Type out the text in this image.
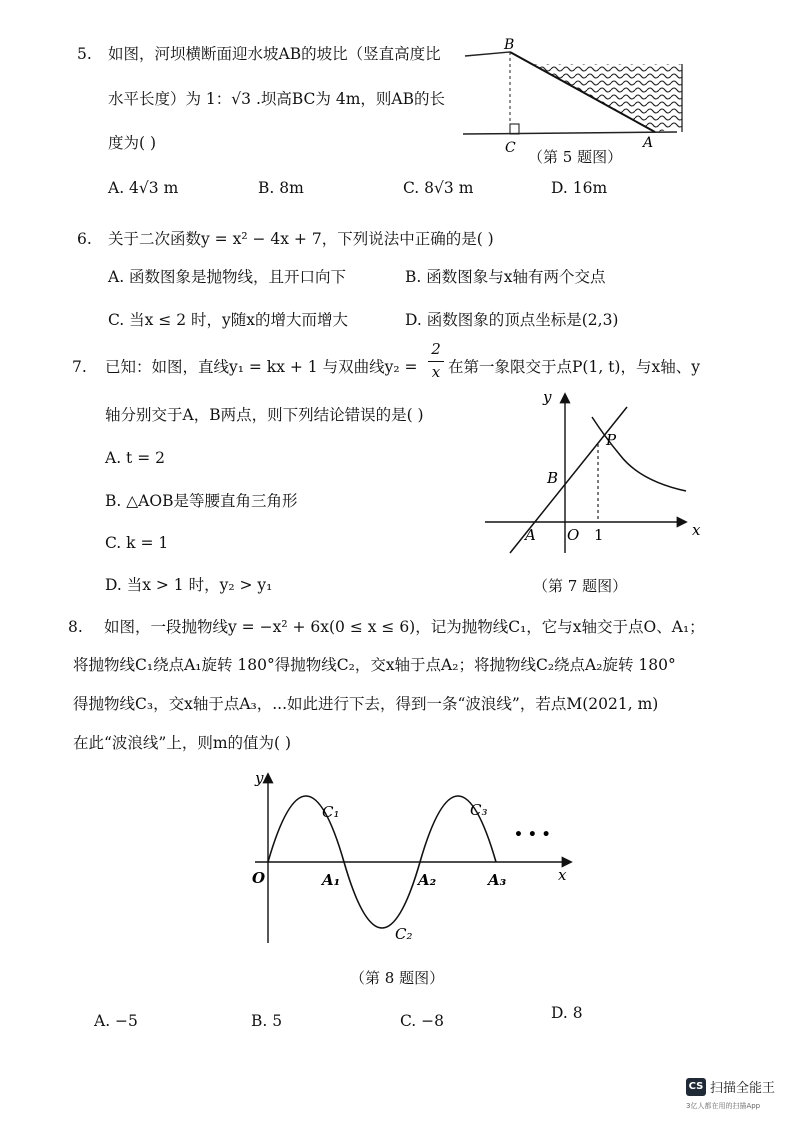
5. 如图，河坝横断面迎水坡AB的坡比（竖直高度比
水平长度）为 1：√3 .坝高BC为 4m，则AB的长
度为( )
B
C	A
（第 5 题图）
A. 4√3 m	B. 8m	C. 8√3 m	D. 16m
6. 关于二次函数y = x² − 4x + 7，下列说法中正确的是( )
A. 函数图象是抛物线，且开口向下	B. 函数图象与x轴有两个交点
C. 当x ≤ 2 时，y随x的增大而增大	D. 函数图象的顶点坐标是(2,3)
7. 已知：如图，直线y₁ = kx + 1 与双曲线y₂ =
2
x 在第一象限交于点P(1, t)，与x轴、y
轴分别交于A，B两点，则下列结论错误的是( )
A. t = 2
B. △AOB是等腰直角三角形
C. k = 1
D. 当x > 1 时，y₂ > y₁
y
x
B
P
A O 1
（第 7 题图）
8. 如图，一段抛物线y = −x² + 6x(0 ≤ x ≤ 6)，记为抛物线C₁，它与x轴交于点O、A₁；
将抛物线C₁绕点A₁旋转 180°得抛物线C₂，交x轴于点A₂；将抛物线C₂绕点A₂旋转 180°
得抛物线C₃，交x轴于点A₃，...如此进行下去，得到一条“波浪线”，若点M(2021, m)
在此“波浪线”上，则m的值为( )
y
x
O	A₁	A₂	A₃
C₁
C₂
C₃
• • •
（第 8 题图）
A. −5	B. 5	C. −8	D. 8
CS 扫描全能王
3亿人都在用的扫描App
